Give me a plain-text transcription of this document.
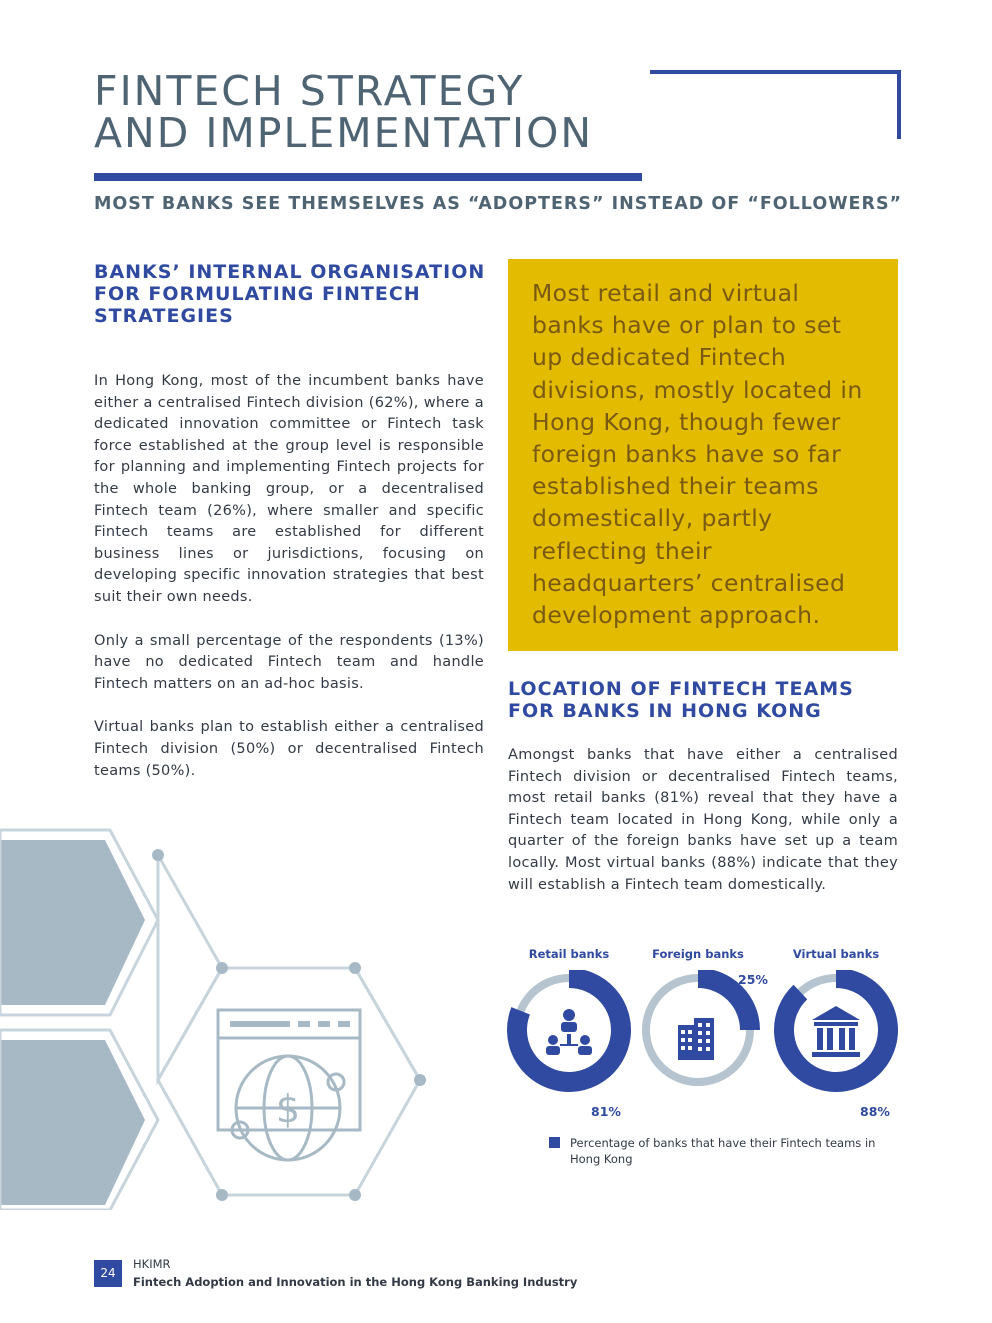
FINTECH STRATEGY
AND IMPLEMENTATION
MOST BANKS SEE THEMSELVES AS “ADOPTERS” INSTEAD OF “FOLLOWERS”
BANKS’ INTERNAL ORGANISATION FOR FORMULATING FINTECH STRATEGIES

In Hong Kong, most of the incumbent banks have either a centralised Fintech division (62%), where a dedicated innovation committee or Fintech task force established at the group level is responsible for planning and implementing Fintech projects for the whole banking group, or a decentralised Fintech team (26%), where smaller and specific Fintech teams are established for different business lines or jurisdictions, focusing on developing specific innovation strategies that best suit their own needs.

Only a small percentage of the respondents (13%) have no dedicated Fintech team and handle Fintech matters on an ad-hoc basis.

Virtual banks plan to establish either a centralised Fintech division (50%) or decentralised Fintech teams (50%).

$
Most retail and virtual banks have or plan to set up dedicated Fintech divisions, mostly located in Hong Kong, though fewer foreign banks have so far established their teams domestically, partly reflecting their headquarters’ centralised development approach.
LOCATION OF FINTECH TEAMS FOR BANKS IN HONG KONG
Amongst banks that have either a centralised Fintech division or decentralised Fintech teams, most retail banks (81%) reveal that they have a Fintech team located in Hong Kong, while only a quarter of the foreign banks have set up a team locally. Most virtual banks (88%) indicate that they will establish a Fintech team domestically.
Retail banks	Foreign banks	Virtual banks
81%
25%
88%
Percentage of banks that have their Fintech teams in Hong Kong
24
HKIMR
Fintech Adoption and Innovation in the Hong Kong Banking Industry
